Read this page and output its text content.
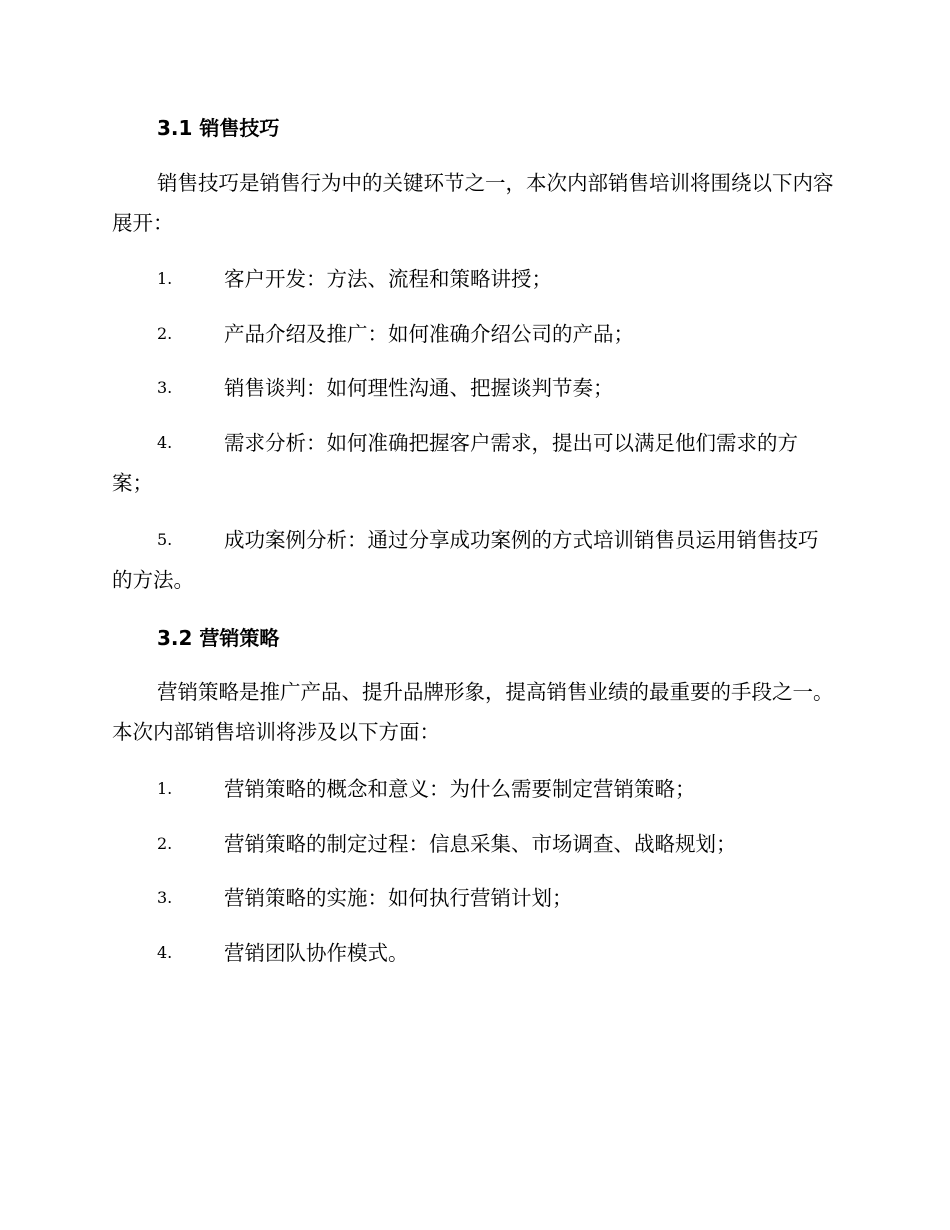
3.1 销售技巧

销售技巧是销售行为中的关键环节之一，本次内部销售培训将围绕以下内容展开：

1.	客户开发：方法、流程和策略讲授；
2.	产品介绍及推广：如何准确介绍公司的产品；
3.	销售谈判：如何理性沟通、把握谈判节奏；
4.	需求分析：如何准确把握客户需求，提出可以满足他们需求的方案；
5.	成功案例分析：通过分享成功案例的方式培训销售员运用销售技巧的方法。
3.2 营销策略

营销策略是推广产品、提升品牌形象，提高销售业绩的最重要的手段之一。本次内部销售培训将涉及以下方面：

1.	营销策略的概念和意义：为什么需要制定营销策略；
2.	营销策略的制定过程：信息采集、市场调查、战略规划；
3.	营销策略的实施：如何执行营销计划；
4.	营销团队协作模式。
